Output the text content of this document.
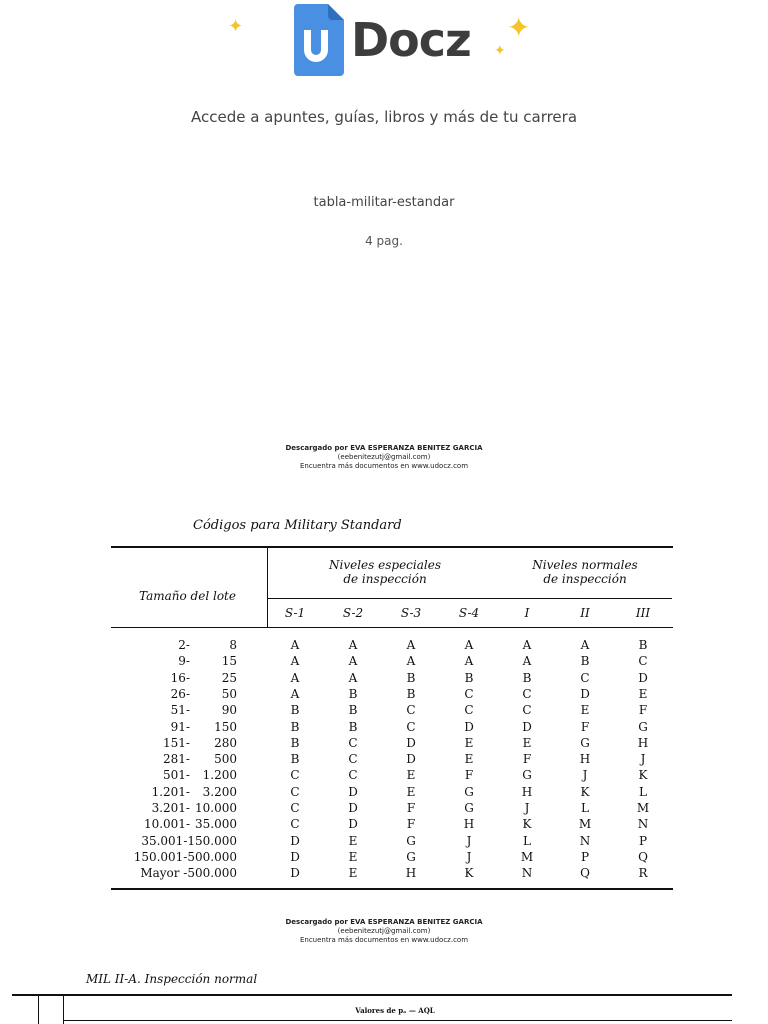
Docz
✦	✦
✦
Accede a apuntes, guías, libros y más de tu carrera
tabla-militar-estandar
4 pag.
Descargado por EVA ESPERANZA BENITEZ GARCIA
(eebenitezutj@gmail.com)
Encuentra más documentos en www.udocz.com
Códigos para Military Standard
Tamaño del lote
Niveles especiales
de inspección
Niveles normales
de inspección
S-1	S-2	S-3	S-4	I	II	III
2-	8	A	A	A	A	A	A	B
9-	15	A	A	A	A	A	B	C
16-	25	A	A	B	B	B	C	D
26-	50	A	B	B	C	C	D	E
51-	90	B	B	C	C	C	E	F
91-	150	B	B	C	D	D	F	G
151-	280	B	C	D	E	E	G	H
281-	500	B	C	D	E	F	H	J
501-	1.200	C	C	E	F	G	J	K
1.201-	3.200	C	D	E	G	H	K	L
3.201- 10.000	C	D	F	G	J	L	M
10.001- 35.000	C	D	F	H	K	M	N
35.001-150.000	D	E	G	J	L	N	P
150.001-500.000	D	E	G	J	M	P	Q
Mayor -500.000	D	E	H	K	N	Q	R
Descargado por EVA ESPERANZA BENITEZ GARCIA
(eebenitezutj@gmail.com)
Encuentra más documentos en www.udocz.com
MIL II-A. Inspección normal
Valores de pₐ — AQL
